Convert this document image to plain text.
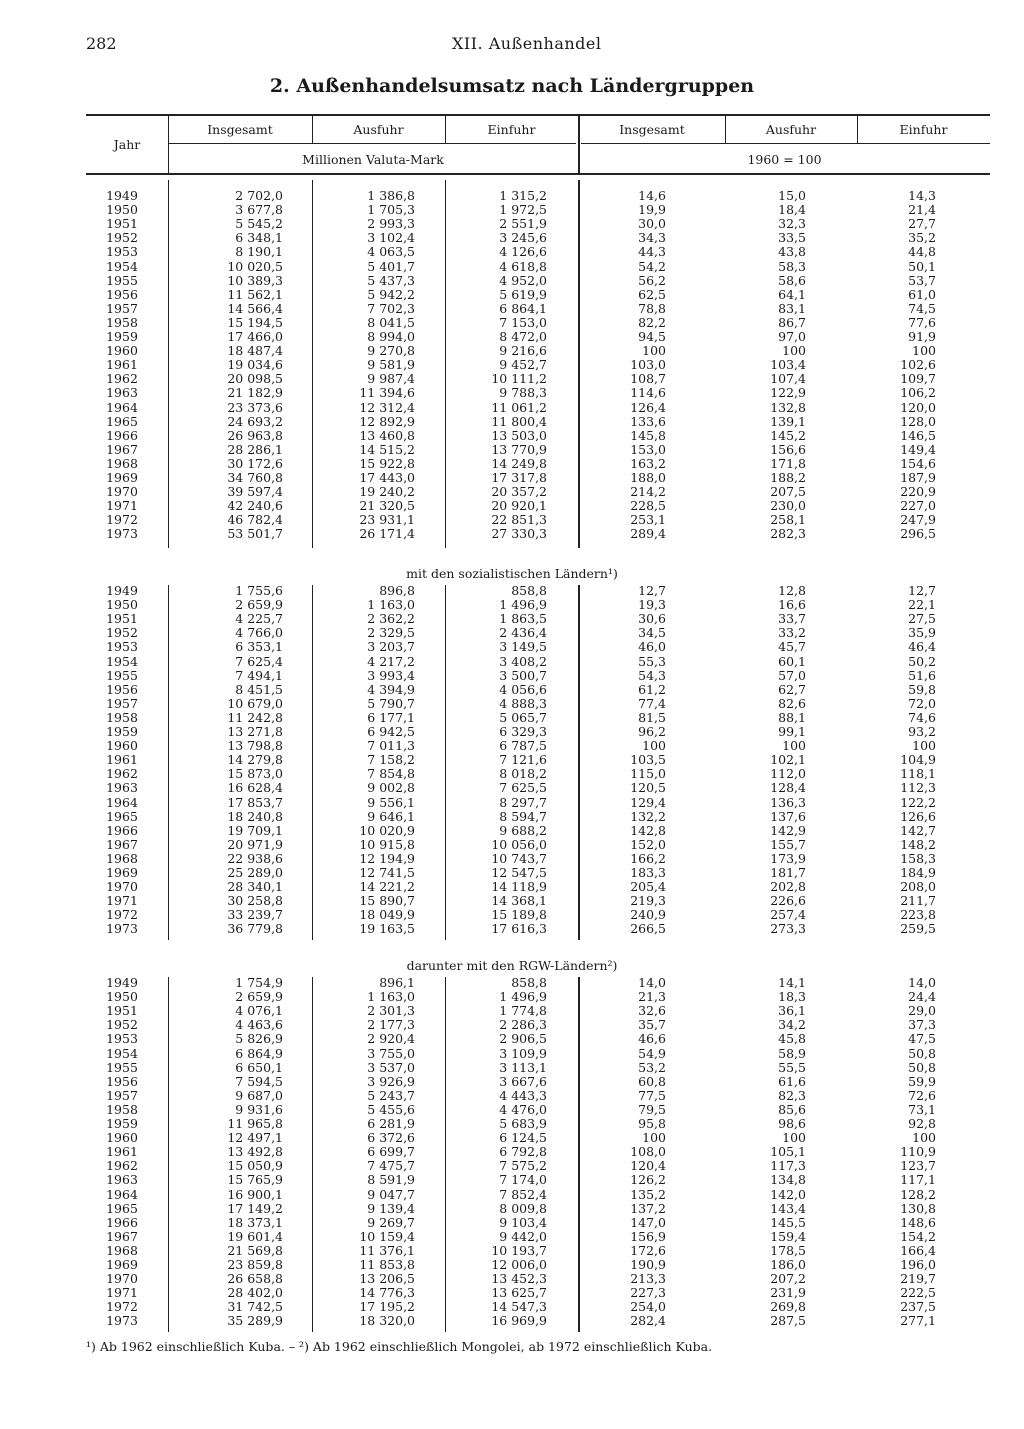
282	XII. Außenhandel
2. Außenhandelsumsatz nach Ländergruppen
Jahr
Insgesamt	Ausfuhr	Einfuhr	Insgesamt	Ausfuhr	Einfuhr
Millionen Valuta-Mark	1960 = 100
mit den sozialistischen Ländern¹)
darunter mit den RGW-Ländern²)
1949	2 702,0	1 386,8	1 315,2	14,6	15,0	14,3
1950	3 677,8	1 705,3	1 972,5	19,9	18,4	21,4
1951	5 545,2	2 993,3	2 551,9	30,0	32,3	27,7
1952	6 348,1	3 102,4	3 245,6	34,3	33,5	35,2
1953	8 190,1	4 063,5	4 126,6	44,3	43,8	44,8
1954	10 020,5	5 401,7	4 618,8	54,2	58,3	50,1
1955	10 389,3	5 437,3	4 952,0	56,2	58,6	53,7
1956	11 562,1	5 942,2	5 619,9	62,5	64,1	61,0
1957	14 566,4	7 702,3	6 864,1	78,8	83,1	74,5
1958	15 194,5	8 041,5	7 153,0	82,2	86,7	77,6
1959	17 466,0	8 994,0	8 472,0	94,5	97,0	91,9
1960	18 487,4	9 270,8	9 216,6	100	100	100
1961	19 034,6	9 581,9	9 452,7	103,0	103,4	102,6
1962	20 098,5	9 987,4	10 111,2	108,7	107,4	109,7
1963	21 182,9	11 394,6	9 788,3	114,6	122,9	106,2
1964	23 373,6	12 312,4	11 061,2	126,4	132,8	120,0
1965	24 693,2	12 892,9	11 800,4	133,6	139,1	128,0
1966	26 963,8	13 460,8	13 503,0	145,8	145,2	146,5
1967	28 286,1	14 515,2	13 770,9	153,0	156,6	149,4
1968	30 172,6	15 922,8	14 249,8	163,2	171,8	154,6
1969	34 760,8	17 443,0	17 317,8	188,0	188,2	187,9
1970	39 597,4	19 240,2	20 357,2	214,2	207,5	220,9
1971	42 240,6	21 320,5	20 920,1	228,5	230,0	227,0
1972	46 782,4	23 931,1	22 851,3	253,1	258,1	247,9
1973	53 501,7	26 171,4	27 330,3	289,4	282,3	296,5
1949	1 755,6	896,8	858,8	12,7	12,8	12,7
1950	2 659,9	1 163,0	1 496,9	19,3	16,6	22,1
1951	4 225,7	2 362,2	1 863,5	30,6	33,7	27,5
1952	4 766,0	2 329,5	2 436,4	34,5	33,2	35,9
1953	6 353,1	3 203,7	3 149,5	46,0	45,7	46,4
1954	7 625,4	4 217,2	3 408,2	55,3	60,1	50,2
1955	7 494,1	3 993,4	3 500,7	54,3	57,0	51,6
1956	8 451,5	4 394,9	4 056,6	61,2	62,7	59,8
1957	10 679,0	5 790,7	4 888,3	77,4	82,6	72,0
1958	11 242,8	6 177,1	5 065,7	81,5	88,1	74,6
1959	13 271,8	6 942,5	6 329,3	96,2	99,1	93,2
1960	13 798,8	7 011,3	6 787,5	100	100	100
1961	14 279,8	7 158,2	7 121,6	103,5	102,1	104,9
1962	15 873,0	7 854,8	8 018,2	115,0	112,0	118,1
1963	16 628,4	9 002,8	7 625,5	120,5	128,4	112,3
1964	17 853,7	9 556,1	8 297,7	129,4	136,3	122,2
1965	18 240,8	9 646,1	8 594,7	132,2	137,6	126,6
1966	19 709,1	10 020,9	9 688,2	142,8	142,9	142,7
1967	20 971,9	10 915,8	10 056,0	152,0	155,7	148,2
1968	22 938,6	12 194,9	10 743,7	166,2	173,9	158,3
1969	25 289,0	12 741,5	12 547,5	183,3	181,7	184,9
1970	28 340,1	14 221,2	14 118,9	205,4	202,8	208,0
1971	30 258,8	15 890,7	14 368,1	219,3	226,6	211,7
1972	33 239,7	18 049,9	15 189,8	240,9	257,4	223,8
1973	36 779,8	19 163,5	17 616,3	266,5	273,3	259,5
1949	1 754,9	896,1	858,8	14,0	14,1	14,0
1950	2 659,9	1 163,0	1 496,9	21,3	18,3	24,4
1951	4 076,1	2 301,3	1 774,8	32,6	36,1	29,0
1952	4 463,6	2 177,3	2 286,3	35,7	34,2	37,3
1953	5 826,9	2 920,4	2 906,5	46,6	45,8	47,5
1954	6 864,9	3 755,0	3 109,9	54,9	58,9	50,8
1955	6 650,1	3 537,0	3 113,1	53,2	55,5	50,8
1956	7 594,5	3 926,9	3 667,6	60,8	61,6	59,9
1957	9 687,0	5 243,7	4 443,3	77,5	82,3	72,6
1958	9 931,6	5 455,6	4 476,0	79,5	85,6	73,1
1959	11 965,8	6 281,9	5 683,9	95,8	98,6	92,8
1960	12 497,1	6 372,6	6 124,5	100	100	100
1961	13 492,8	6 699,7	6 792,8	108,0	105,1	110,9
1962	15 050,9	7 475,7	7 575,2	120,4	117,3	123,7
1963	15 765,9	8 591,9	7 174,0	126,2	134,8	117,1
1964	16 900,1	9 047,7	7 852,4	135,2	142,0	128,2
1965	17 149,2	9 139,4	8 009,8	137,2	143,4	130,8
1966	18 373,1	9 269,7	9 103,4	147,0	145,5	148,6
1967	19 601,4	10 159,4	9 442,0	156,9	159,4	154,2
1968	21 569,8	11 376,1	10 193,7	172,6	178,5	166,4
1969	23 859,8	11 853,8	12 006,0	190,9	186,0	196,0
1970	26 658,8	13 206,5	13 452,3	213,3	207,2	219,7
1971	28 402,0	14 776,3	13 625,7	227,3	231,9	222,5
1972	31 742,5	17 195,2	14 547,3	254,0	269,8	237,5
1973	35 289,9	18 320,0	16 969,9	282,4	287,5	277,1
¹) Ab 1962 einschließlich Kuba. – ²) Ab 1962 einschließlich Mongolei, ab 1972 einschließlich Kuba.
